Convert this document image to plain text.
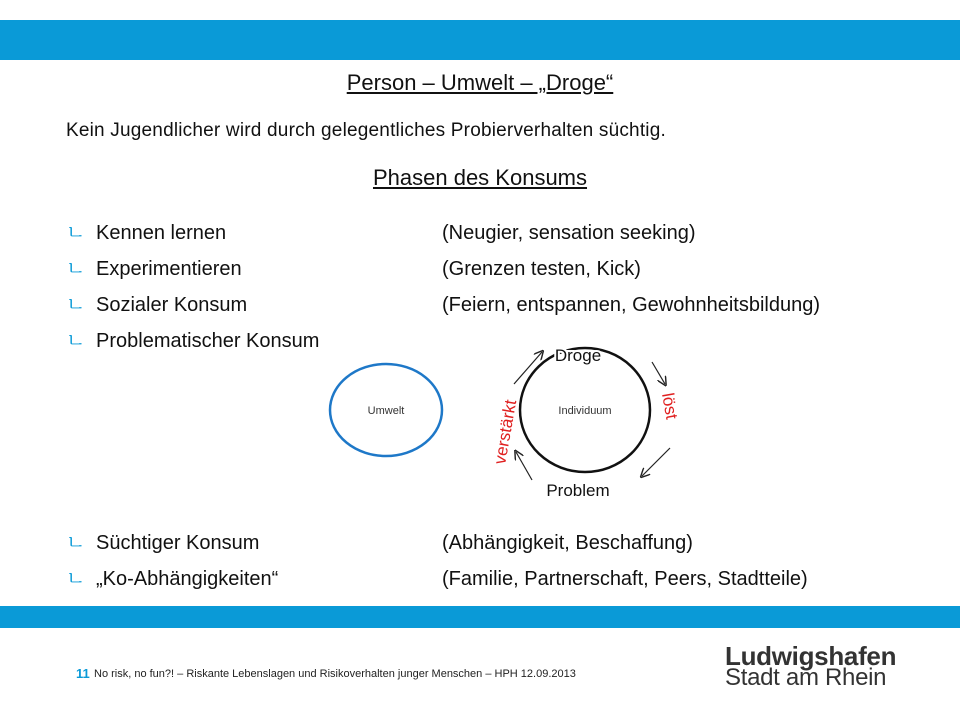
Person – Umwelt – „Droge“
Kein Jugendlicher wird durch gelegentliches Probierverhalten süchtig.
Phasen des Konsums
ㄴ Kennen lernen	(Neugier, sensation seeking)
ㄴ Experimentieren	(Grenzen testen, Kick)
ㄴ Sozialer Konsum	(Feiern, entspannen, Gewohnheitsbildung)
ㄴ Problematischer Konsum
Umwelt	Individuum
Droge
Problem
verstärkt	löst
ㄴ Süchtiger Konsum	(Abhängigkeit, Beschaffung)
ㄴ „Ko-Abhängigkeiten“	(Familie, Partnerschaft, Peers, Stadtteile)
11 No risk, no fun?! – Riskante Lebenslagen und Risikoverhalten junger Menschen – HPH 12.09.2013
Ludwigshafen
Stadt am Rhein
